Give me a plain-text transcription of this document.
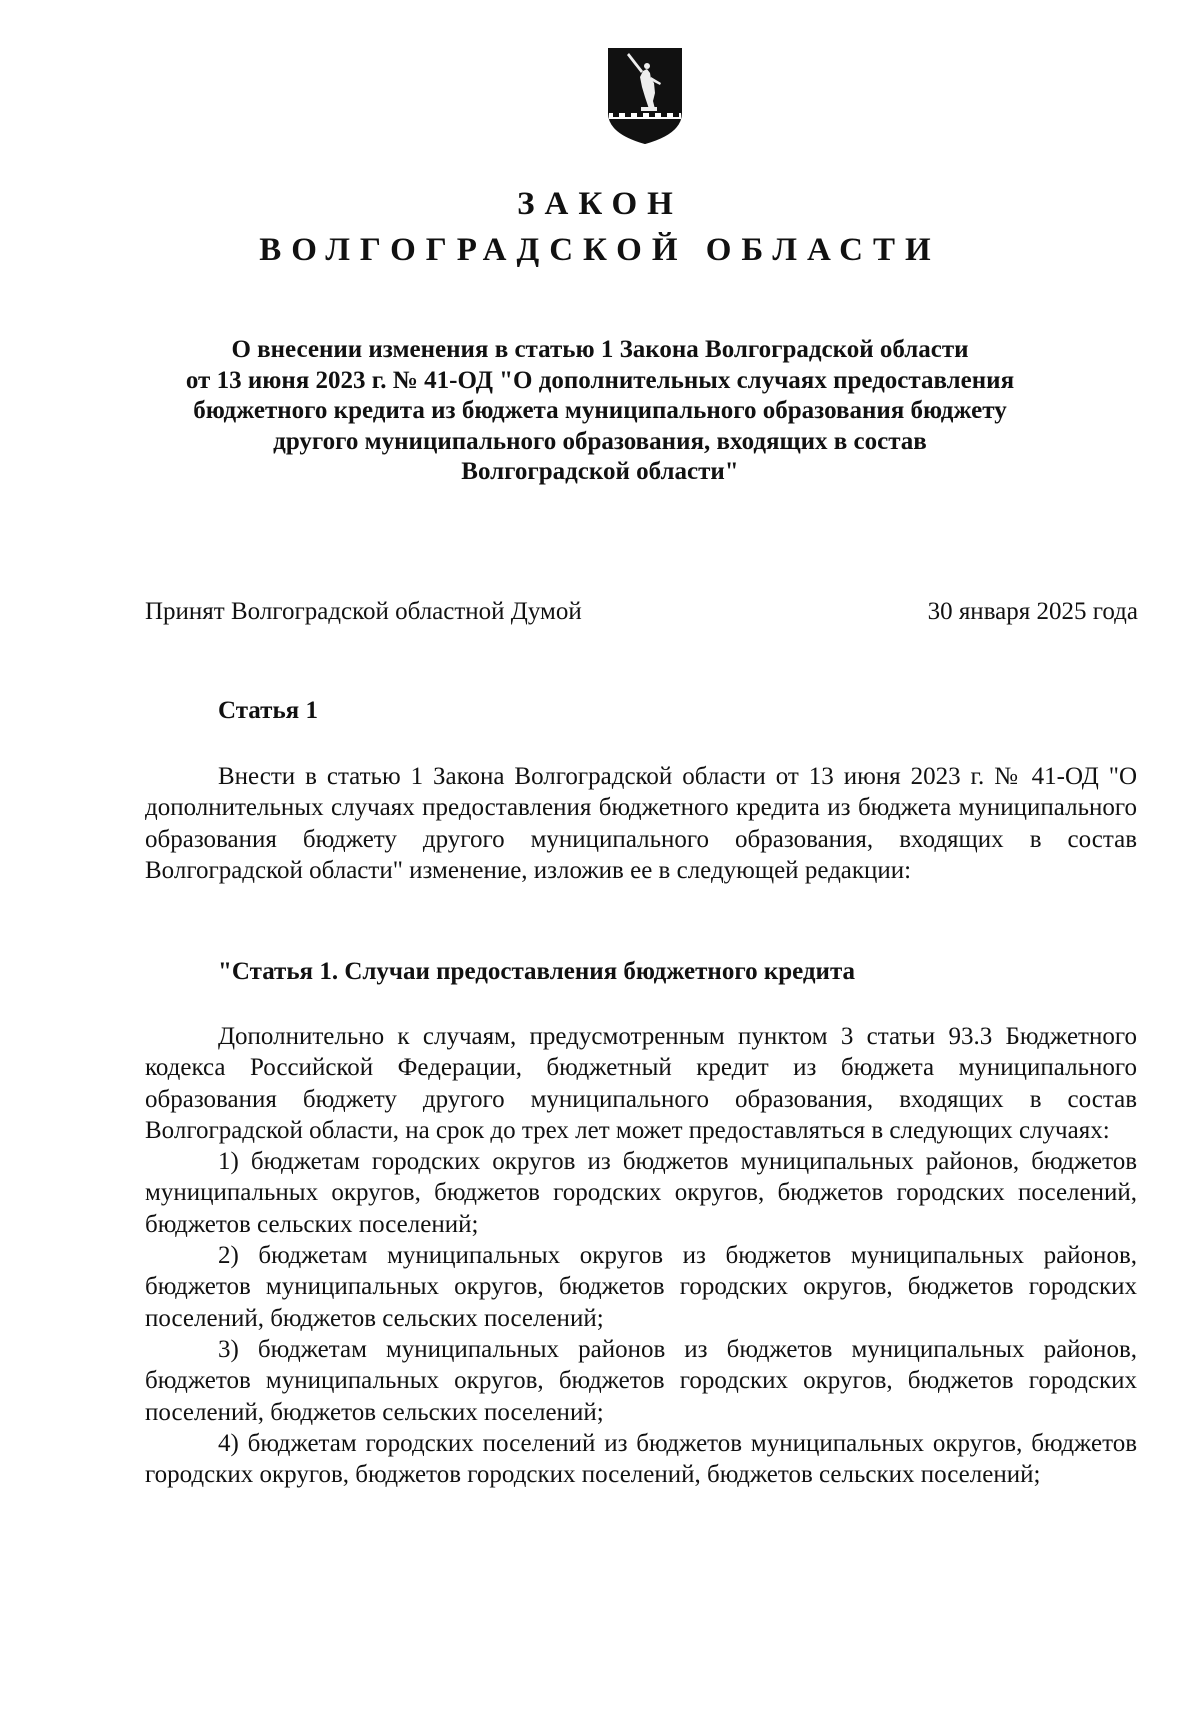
ЗАКОН
ВОЛГОГРАДСКОЙ ОБЛАСТИ
О внесении изменения в статью 1 Закона Волгоградской области
от 13 июня 2023 г. № 41-ОД "О дополнительных случаях предоставления
бюджетного кредита из бюджета муниципального образования бюджету
другого муниципального образования, входящих в состав
Волгоградской области"
Принят Волгоградской областной Думой	30 января 2025 года
Статья 1
Внести в статью 1 Закона Волгоградской области от 13 июня 2023 г. № 41-ОД "О дополнительных случаях предоставления бюджетного кредита из бюджета муниципального образования бюджету другого муниципального образования, входящих в состав Волгоградской области" изменение, изложив ее в следующей редакции:
"Статья 1. Случаи предоставления бюджетного кредита
Дополнительно к случаям, предусмотренным пунктом 3 статьи 93.3 Бюджетного кодекса Российской Федерации, бюджетный кредит из бюджета муниципального образования бюджету другого муниципального образования, входящих в состав Волгоградской области, на срок до трех лет может предоставляться в следующих случаях:
1) бюджетам городских округов из бюджетов муниципальных районов, бюджетов муниципальных округов, бюджетов городских округов, бюджетов городских поселений, бюджетов сельских поселений;
2) бюджетам муниципальных округов из бюджетов муниципальных районов, бюджетов муниципальных округов, бюджетов городских округов, бюджетов городских поселений, бюджетов сельских поселений;
3) бюджетам муниципальных районов из бюджетов муниципальных районов, бюджетов муниципальных округов, бюджетов городских округов, бюджетов городских поселений, бюджетов сельских поселений;
4) бюджетам городских поселений из бюджетов муниципальных округов, бюджетов городских округов, бюджетов городских поселений, бюджетов сельских поселений;
